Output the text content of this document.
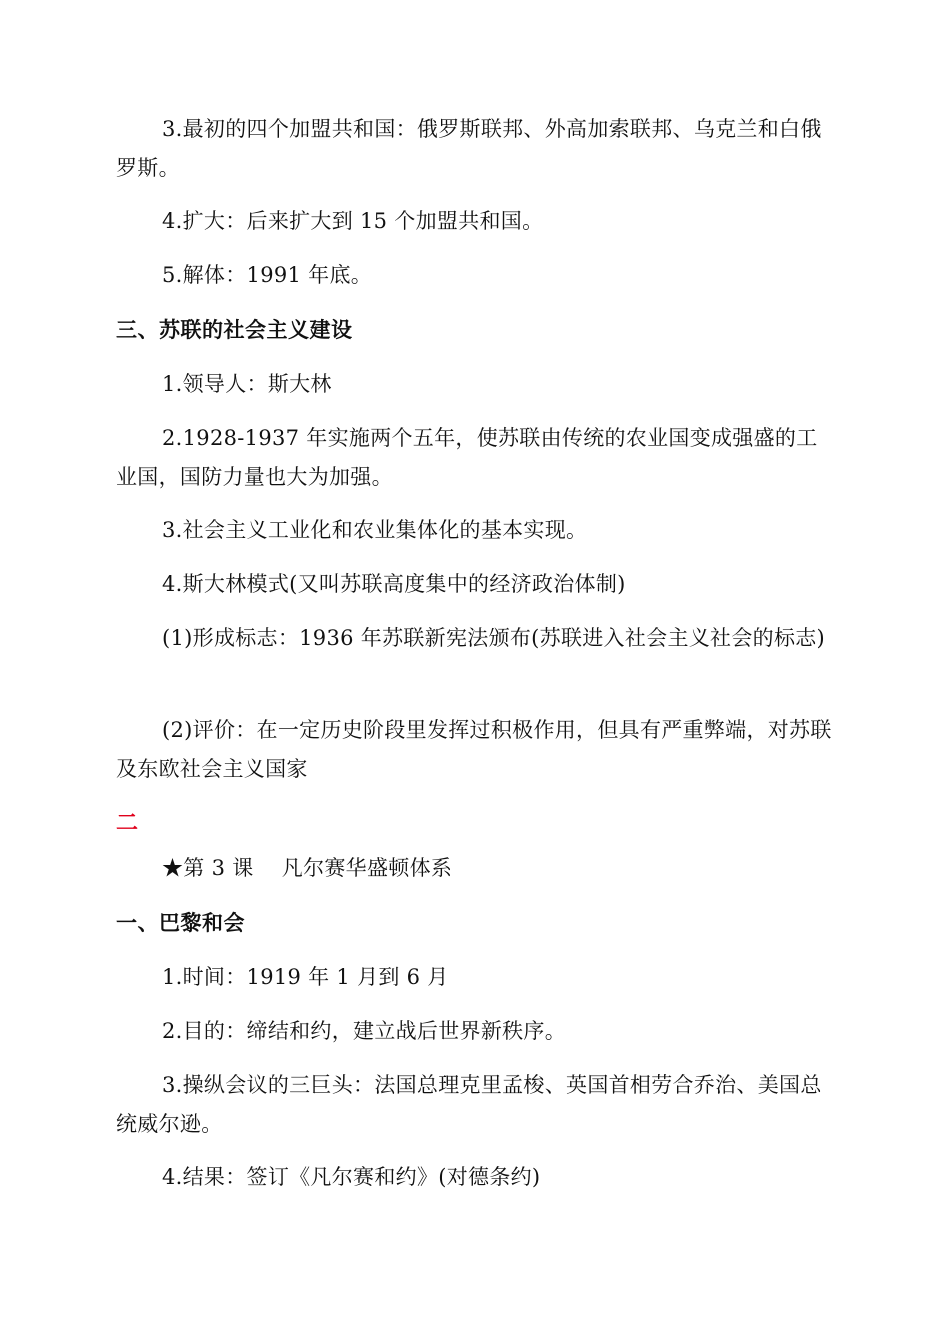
3.最初的四个加盟共和国：俄罗斯联邦、外高加索联邦、乌克兰和白俄罗斯。
4.扩大：后来扩大到 15 个加盟共和国。
5.解体：1991 年底。
三、苏联的社会主义建设
1.领导人：斯大林
2.1928-1937 年实施两个五年，使苏联由传统的农业国变成强盛的工业国，国防力量也大为加强。
3.社会主义工业化和农业集体化的基本实现。
4.斯大林模式(又叫苏联高度集中的经济政治体制)
(1)形成标志：1936 年苏联新宪法颁布(苏联进入社会主义社会的标志)
(2)评价：在一定历史阶段里发挥过积极作用，但具有严重弊端，对苏联及东欧社会主义国家
二
★第 3 课　 凡尔赛华盛顿体系
一、巴黎和会
1.时间：1919 年 1 月到 6 月
2.目的：缔结和约，建立战后世界新秩序。
3.操纵会议的三巨头：法国总理克里孟梭、英国首相劳合乔治、美国总统威尔逊。
4.结果：签订《凡尔赛和约》(对德条约)
